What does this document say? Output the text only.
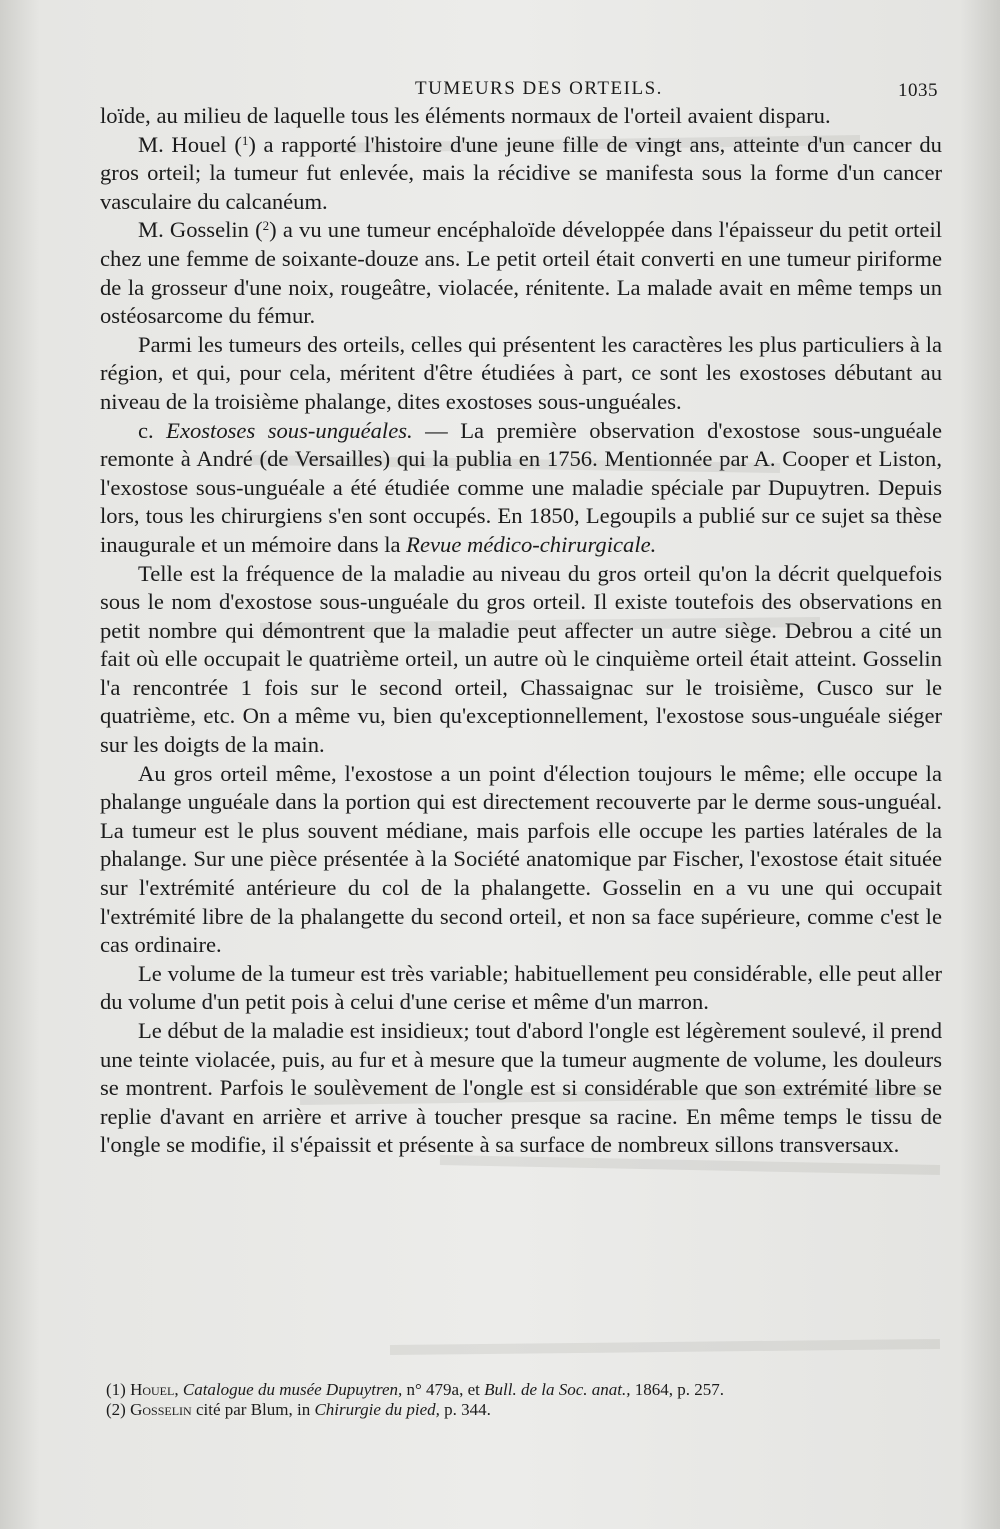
TUMEURS DES ORTEILS.	1035

loïde, au milieu de laquelle tous les éléments normaux de l'orteil avaient disparu.

M. Houel ($^1$) a rapporté l'histoire d'une jeune fille de vingt ans, atteinte d'un cancer du gros orteil; la tumeur fut enlevée, mais la récidive se manifesta sous la forme d'un cancer vasculaire du calcanéum.

M. Gosselin ($^2$) a vu une tumeur encéphaloïde développée dans l'épaisseur du petit orteil chez une femme de soixante-douze ans. Le petit orteil était converti en une tumeur piriforme de la grosseur d'une noix, rougeâtre, violacée, rénitente. La malade avait en même temps un ostéosarcome du fémur.

Parmi les tumeurs des orteils, celles qui présentent les caractères les plus particuliers à la région, et qui, pour cela, méritent d'être étudiées à part, ce sont les exostoses débutant au niveau de la troisième phalange, dites exostoses sous-unguéales.

c. Exostoses sous-unguéales. — La première observation d'exostose sous-unguéale remonte à André (de Versailles) qui la publia en 1756. Mentionnée par A. Cooper et Liston, l'exostose sous-unguéale a été étudiée comme une maladie spéciale par Dupuytren. Depuis lors, tous les chirurgiens s'en sont occupés. En 1850, Legoupils a publié sur ce sujet sa thèse inaugurale et un mémoire dans la Revue médico-chirurgicale.

Telle est la fréquence de la maladie au niveau du gros orteil qu'on la décrit quelquefois sous le nom d'exostose sous-unguéale du gros orteil. Il existe toutefois des observations en petit nombre qui démontrent que la maladie peut affecter un autre siège. Debrou a cité un fait où elle occupait le quatrième orteil, un autre où le cinquième orteil était atteint. Gosselin l'a rencontrée 1 fois sur le second orteil, Chassaignac sur le troisième, Cusco sur le quatrième, etc. On a même vu, bien qu'exceptionnellement, l'exostose sous-unguéale siéger sur les doigts de la main.

Au gros orteil même, l'exostose a un point d'élection toujours le même; elle occupe la phalange unguéale dans la portion qui est directement recouverte par le derme sous-unguéal. La tumeur est le plus souvent médiane, mais parfois elle occupe les parties latérales de la phalange. Sur une pièce présentée à la Société anatomique par Fischer, l'exostose était située sur l'extrémité antérieure du col de la phalangette. Gosselin en a vu une qui occupait l'extrémité libre de la phalangette du second orteil, et non sa face supérieure, comme c'est le cas ordinaire.

Le volume de la tumeur est très variable; habituellement peu considérable, elle peut aller du volume d'un petit pois à celui d'une cerise et même d'un marron.

Le début de la maladie est insidieux; tout d'abord l'ongle est légèrement soulevé, il prend une teinte violacée, puis, au fur et à mesure que la tumeur augmente de volume, les douleurs se montrent. Parfois le soulèvement de l'ongle est si considérable que son extrémité libre se replie d'avant en arrière et arrive à toucher presque sa racine. En même temps le tissu de l'ongle se modifie, il s'épaissit et présente à sa surface de nombreux sillons transversaux.

(1) Houel, Catalogue du musée Dupuytren, n° 479a, et Bull. de la Soc. anat., 1864, p. 257.

(2) Gosselin cité par Blum, in Chirurgie du pied, p. 344.
